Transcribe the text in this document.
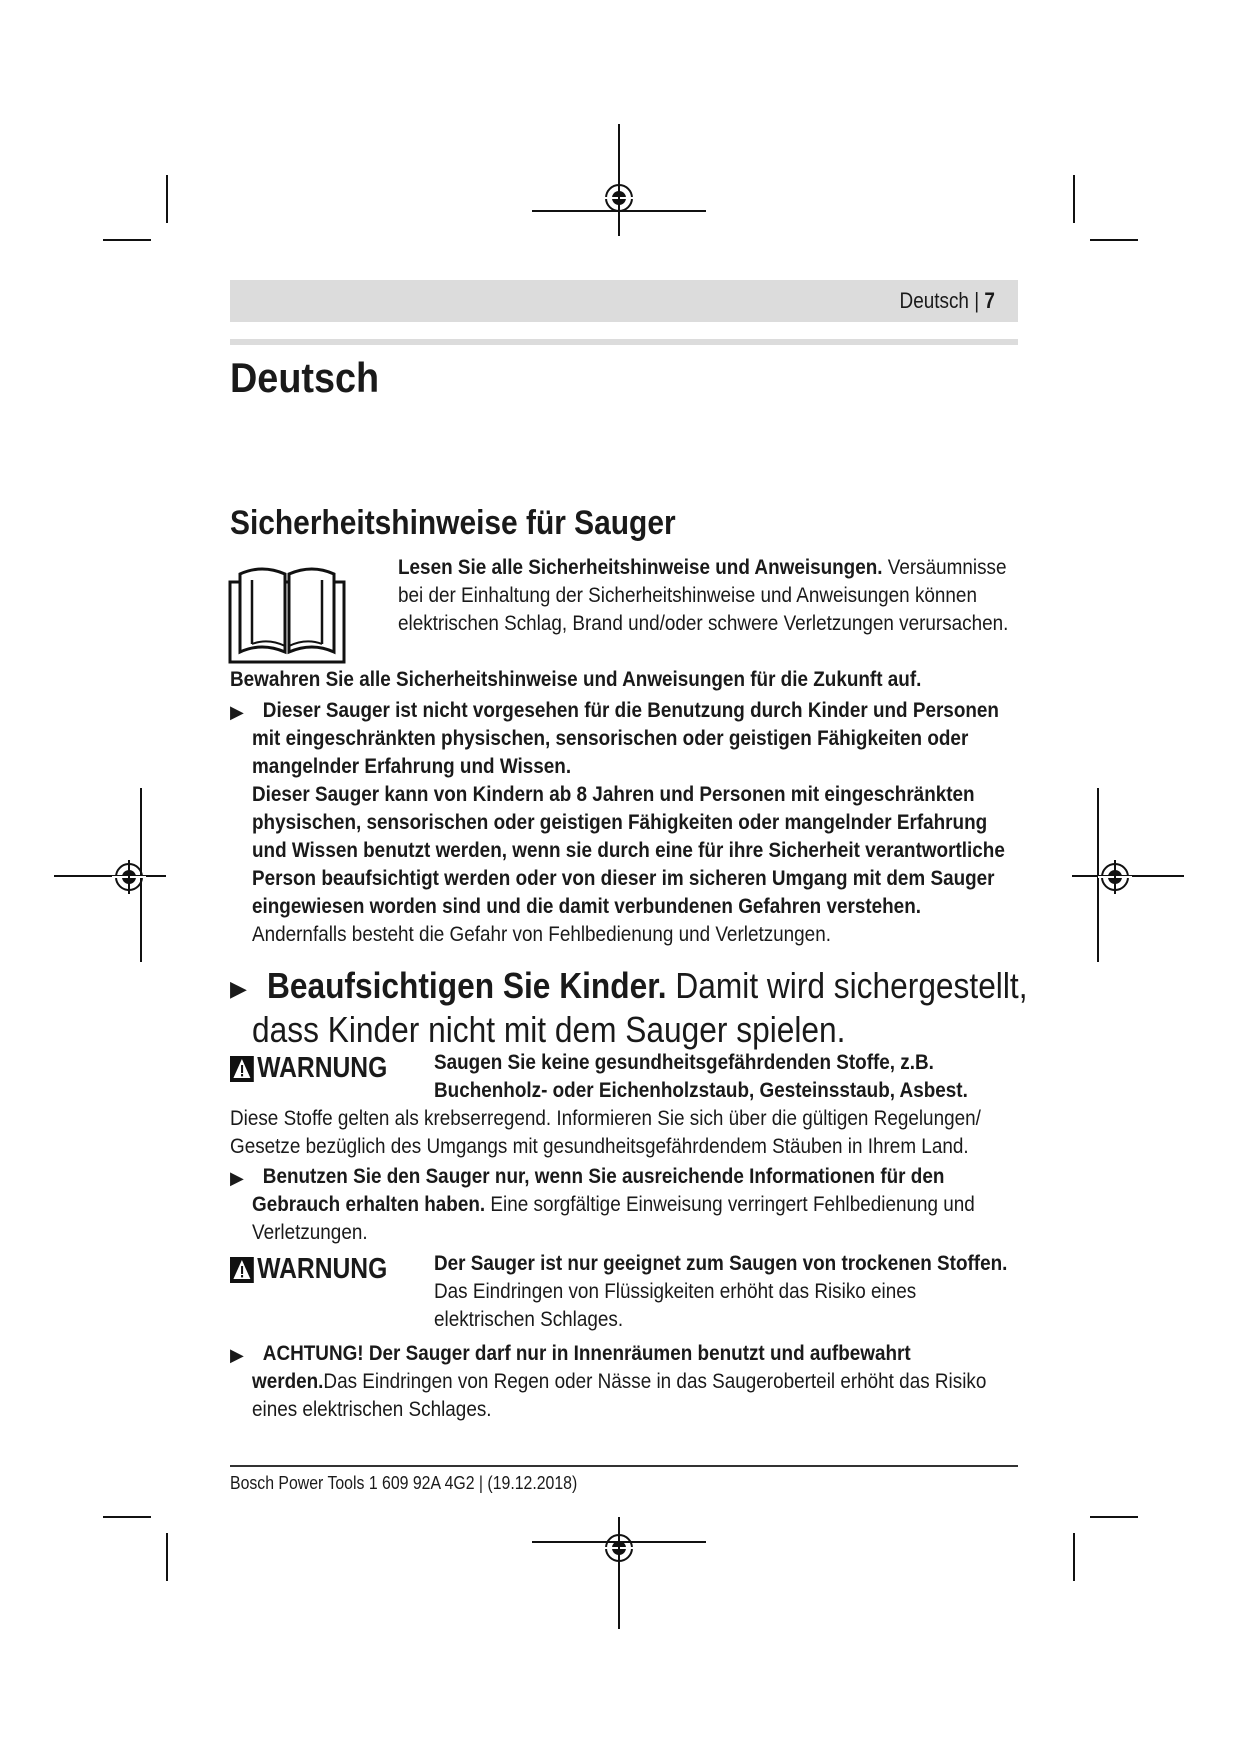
Deutsch | 7
Deutsch
Sicherheitshinweise für Sauger
Lesen Sie alle Sicherheitshinweise und Anweisungen. Versäumnisse bei der Einhaltung der Sicherheitshinweise und Anweisungen können elektrischen Schlag, Brand und/oder schwere Verletzungen verursachen.
Bewahren Sie alle Sicherheitshinweise und Anweisungen für die Zukunft auf.
▶ Dieser Sauger ist nicht vorgesehen für die Benutzung durch Kinder und Personen mit eingeschränkten physischen, sensorischen oder geistigen Fähigkeiten oder mangelnder Erfahrung und Wissen.
Dieser Sauger kann von Kindern ab 8 Jahren und Personen mit eingeschränkten physischen, sensorischen oder geistigen Fähigkeiten oder mangelnder Erfahrung und Wissen benutzt werden, wenn sie durch eine für ihre Sicherheit verantwortliche Person beaufsichtigt werden oder von dieser im sicheren Umgang mit dem Sauger eingewiesen worden sind und die damit verbundenen Gefahren verstehen. Andernfalls besteht die Gefahr von Fehlbedienung und Verletzungen.
▶ Beaufsichtigen Sie Kinder. Damit wird sichergestellt,
dass Kinder nicht mit dem Sauger spielen.
WARNUNG Saugen Sie keine gesundheitsgefährdenden Stoffe, z.B. Buchenholz- oder Eichenholzstaub, Gesteinsstaub, Asbest.
Diese Stoffe gelten als krebserregend. Informieren Sie sich über die gültigen Regelungen/ Gesetze bezüglich des Umgangs mit gesundheitsgefährdendem Stäuben in Ihrem Land.
▶ Benutzen Sie den Sauger nur, wenn Sie ausreichende Informationen für den Gebrauch erhalten haben. Eine sorgfältige Einweisung verringert Fehlbedienung und Verletzungen.
WARNUNG Der Sauger ist nur geeignet zum Saugen von trockenen Stoffen. Das Eindringen von Flüssigkeiten erhöht das Risiko eines elektrischen Schlages.
▶ ACHTUNG! Der Sauger darf nur in Innenräumen benutzt und aufbewahrt werden.Das Eindringen von Regen oder Nässe in das Saugeroberteil erhöht das Risiko eines elektrischen Schlages.
Bosch Power Tools 1 609 92A 4G2 | (19.12.2018)
